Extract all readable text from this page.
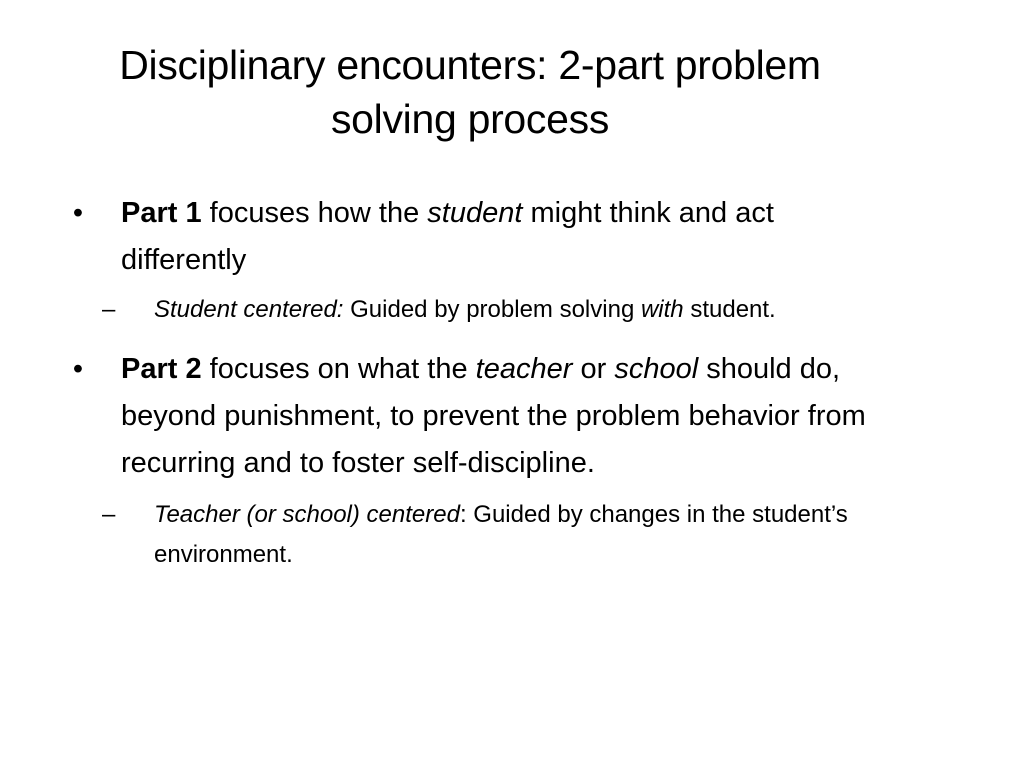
Disciplinary encounters: 2-part problem
solving process

• Part 1 focuses how the student might think and act differently

– Student centered: Guided by problem solving with student.

• Part 2 focuses on what the teacher or school should do, beyond punishment, to prevent the problem behavior from recurring and to foster self-discipline.

– Teacher (or school) centered: Guided by changes in the student’s environment.
